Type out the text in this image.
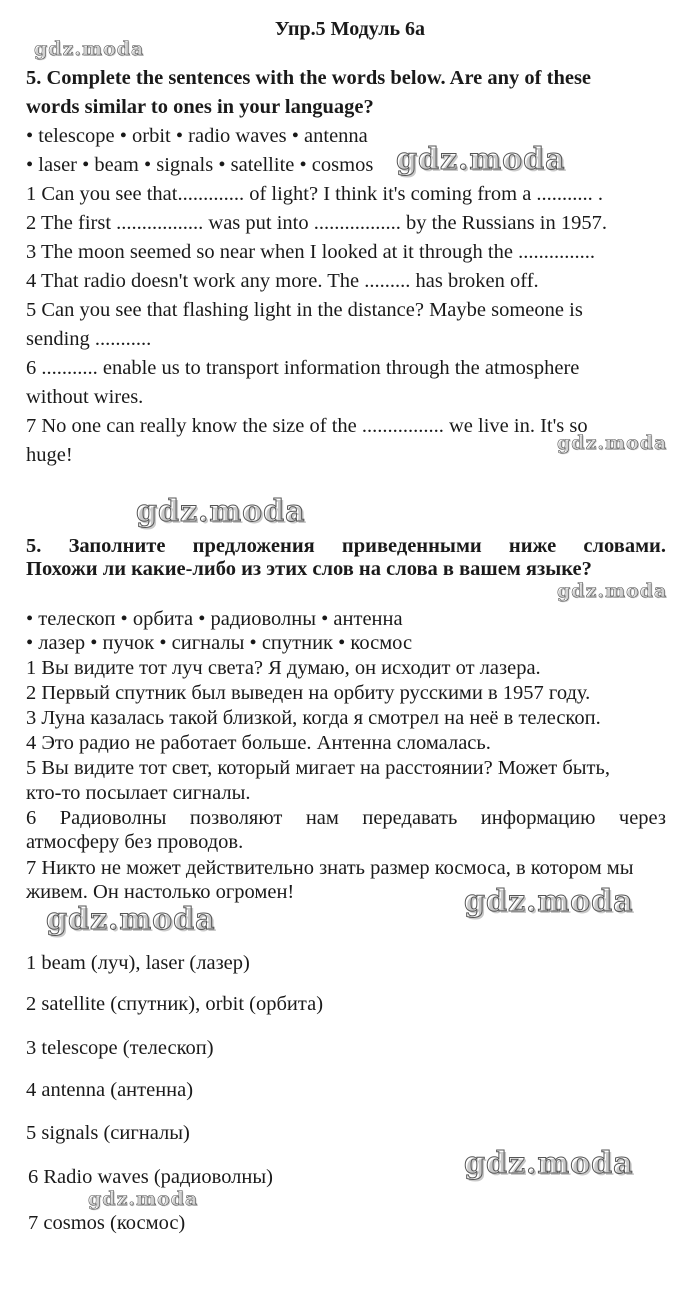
Упр.5 Модуль 6а
5. Complete the sentences with the words below. Are any of these
words similar to ones in your language?
• telescope • orbit • radio waves • antenna
• laser • beam • signals • satellite • cosmos
1 Can you see that............. of light? I think it's coming from a ........... .
2 The first ................. was put into ................. by the Russians in 1957.
3 The moon seemed so near when I looked at it through the ...............
4 That radio doesn't work any more. The ......... has broken off.
5 Can you see that flashing light in the distance? Maybe someone is
sending ...........
6 ........... enable us to transport information through the atmosphere
without wires.
7 No one can really know the size of the ................ we live in. It's so
huge!
5. Заполните предложения приведенными ниже словами.
Похожи ли какие-либо из этих слов на слова в вашем языке?
• телескоп • орбита • радиоволны • антенна
• лазер • пучок • сигналы • спутник • космос
1 Вы видите тот луч света? Я думаю, он исходит от лазера.
2 Первый спутник был выведен на орбиту русскими в 1957 году.
3 Луна казалась такой близкой, когда я смотрел на неё в телескоп.
4 Это радио не работает больше. Антенна сломалась.
5 Вы видите тот свет, который мигает на расстоянии? Может быть,
кто-то посылает сигналы.
6 Радиоволны позволяют нам передавать информацию через
атмосферу без проводов.
7 Никто не может действительно знать размер космоса, в котором мы
живем. Он настолько огромен!
1 beam (луч), laser (лазер)
2 satellite (спутник), orbit (орбита)
3 telescope (телескоп)
4 antenna (антенна)
5 signals (сигналы)
6 Radio waves (радиоволны)
7 cosmos (космос)
gdz.moda
gdz.moda
gdz.moda
gdz.moda
gdz.moda
gdz.moda
gdz.moda
gdz.moda
gdz.moda
